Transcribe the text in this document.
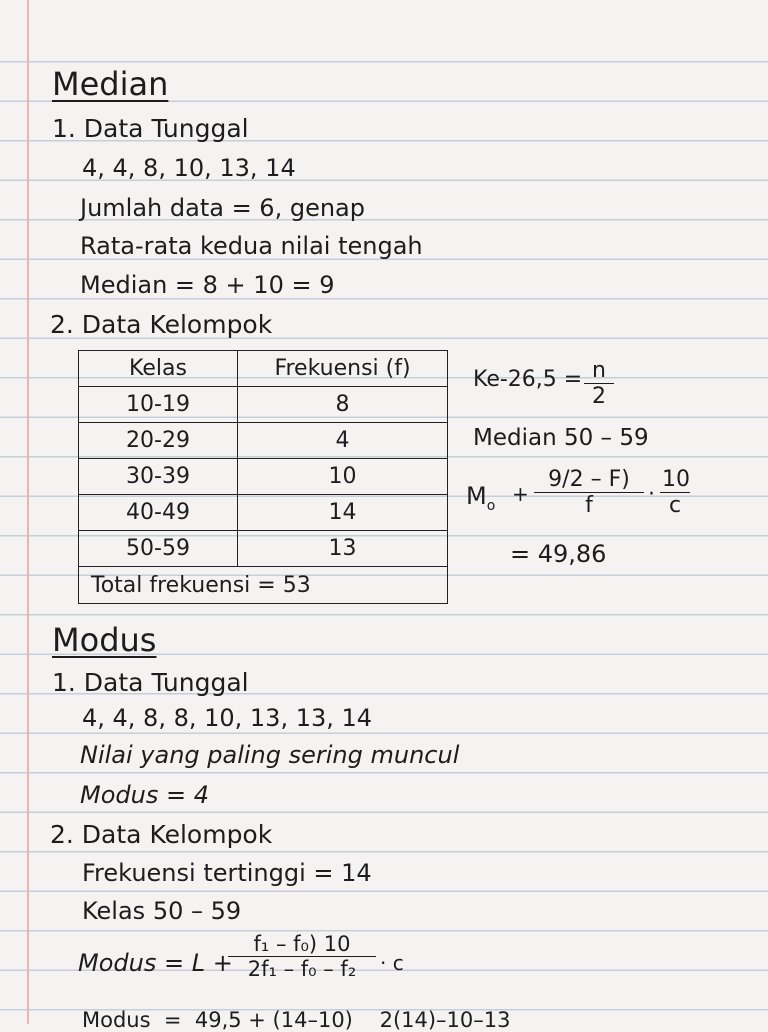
Median
1. Data Tunggal
4, 4, 8, 10, 13, 14
Jumlah data = 6, genap
Rata-rata kedua nilai tengah
Median = 8 + 10 = 9
2. Data Kelompok
Kelas	Frekuensi (f)
10-19	8
20-29	4
30-39	10
40-49	14
50-59	13
Total frekuensi = 53	
$Ke-26,5 = \frac{n}{2}$
Median 50 – 59
$M_o + \frac{9/2 - F)}{f} \cdot \frac{10}{c}$
= 49,86
Modus
1. Data Tunggal
4, 4, 8, 8, 10, 13, 13, 14
Nilai yang paling sering muncul
Modus = 4
2. Data Kelompok
Frekuensi tertinggi = 14
Kelas 50 – 59
Modus = L +
$\frac{\text{f₁ – f₀) 10}}{\text{2f₁ – f₀ – f₂}} \cdot c$
Modus  =  49,5 + (14–10)    2(14)–10–13
